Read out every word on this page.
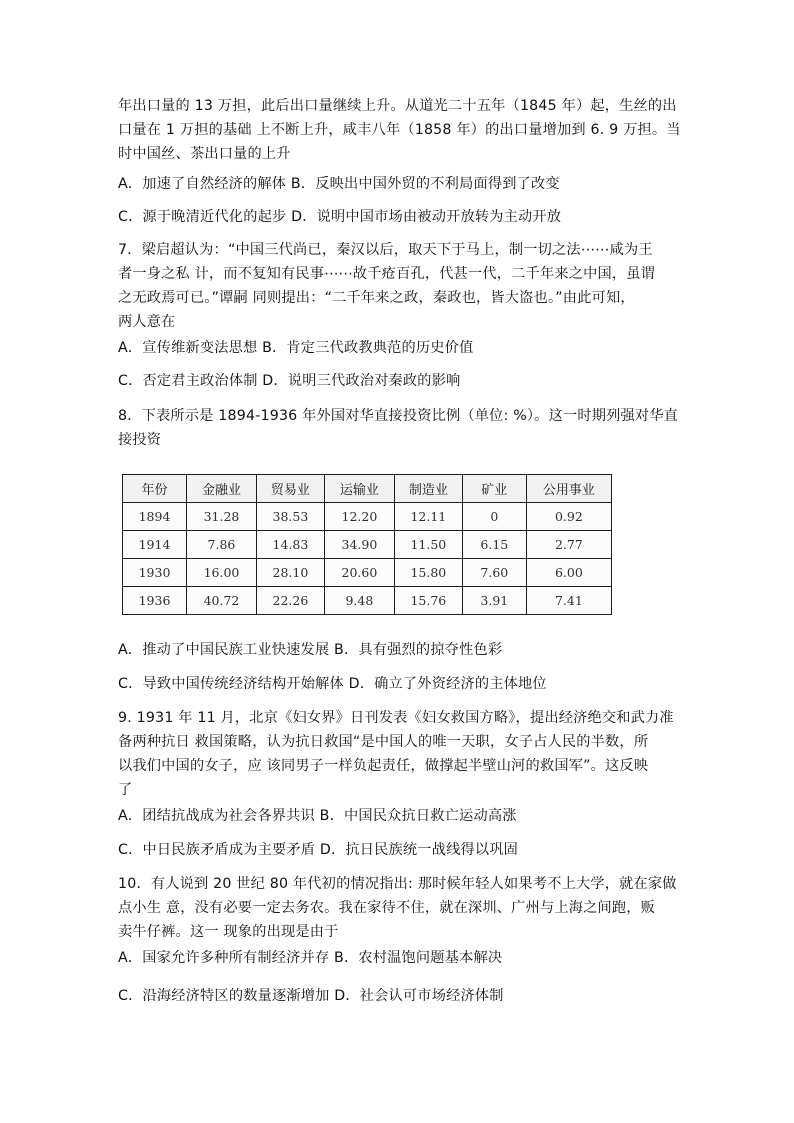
年出口量的 13 万担，此后出口量继续上升。从道光二十五年（1845 年）起，生丝的出
口量在 1 万担的基础 上不断上升，咸丰八年（1858 年）的出口量增加到 6. 9 万担。当
时中国丝、茶出口量的上升
A．加速了自然经济的解体 B．反映出中国外贸的不利局面得到了改变
C．源于晚清近代化的起步 D．说明中国市场由被动开放转为主动开放
7．梁启超认为：“中国三代尚已，秦汉以后，取天下于马上，制一切之法⋯⋯咸为王
者一身之私 计，而不复知有民事⋯⋯故千疮百孔，代甚一代，二千年来之中国，虽谓
之无政焉可已。”谭嗣 同则提出：“二千年来之政，秦政也，皆大盗也。”由此可知，
两人意在
A．宣传维新变法思想 B．肯定三代政教典范的历史价值
C．否定君主政治体制 D．说明三代政治对秦政的影响
8．下表所示是 1894-1936 年外国对华直接投资比例（单位: %）。这一时期列强对华直
接投资
年份	金融业	贸易业	运输业	制造业	矿业	公用事业
1894	31.28	38.53	12.20	12.11	0	0.92
1914	7.86	14.83	34.90	11.50	6.15	2.77
1930	16.00	28.10	20.60	15.80	7.60	6.00
1936	40.72	22.26	9.48	15.76	3.91	7.41
A．推动了中国民族工业快速发展 B．具有强烈的掠夺性色彩
C．导致中国传统经济结构开始解体 D．确立了外资经济的主体地位
9. 1931 年 11 月，北京《妇女界》日刊发表《妇女救国方略》，提出经济绝交和武力准
备两种抗日 救国策略，认为抗日救国“是中国人的唯一天职，女子占人民的半数，所
以我们中国的女子，应 该同男子一样负起责任，做撑起半壁山河的救国军”。这反映
了
A．团结抗战成为社会各界共识 B．中国民众抗日救亡运动高涨
C．中日民族矛盾成为主要矛盾 D．抗日民族统一战线得以巩固
10．有人说到 20 世纪 80 年代初的情况指出: 那时候年轻人如果考不上大学，就在家做
点小生 意，没有必要一定去务农。我在家待不住，就在深圳、广州与上海之间跑，贩
卖牛仔裤。这一 现象的出现是由于
A．国家允许多种所有制经济并存 B．农村温饱问题基本解决
C．沿海经济特区的数量逐渐增加 D．社会认可市场经济体制
